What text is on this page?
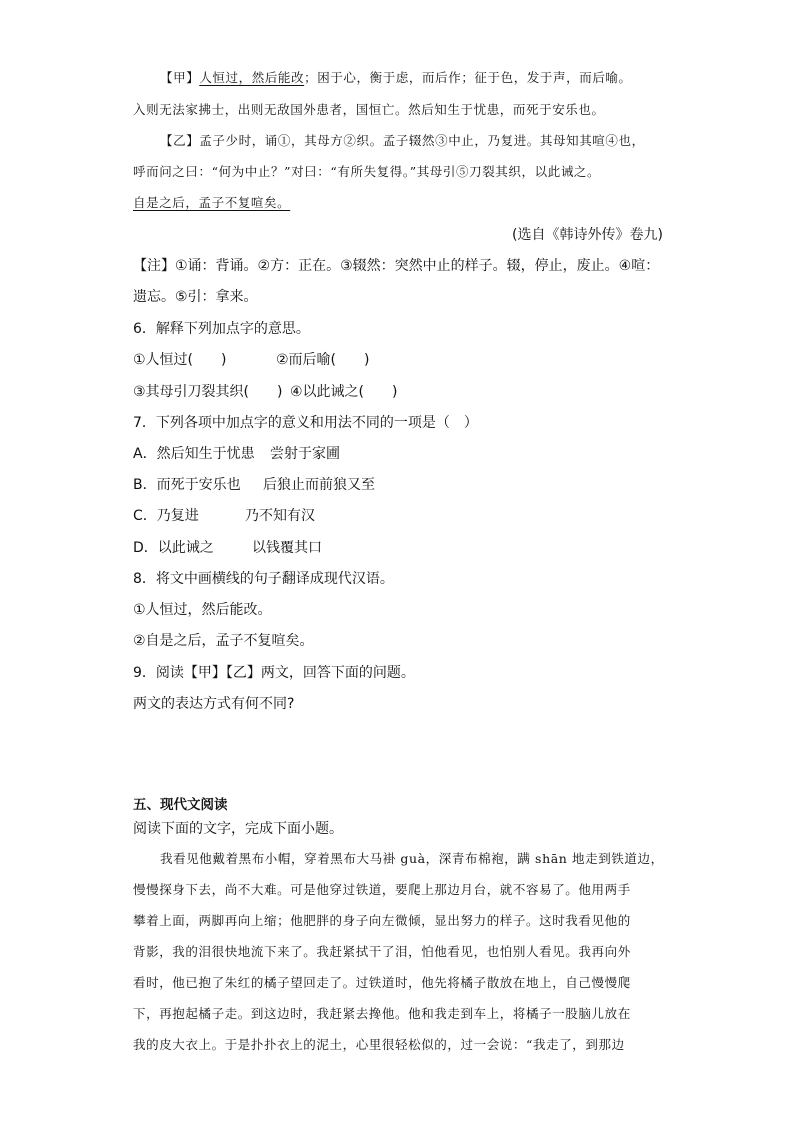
【甲】人恒过，然后能改；困于心，衡于虑，而后作；征于色，发于声，而后喻。
入则无法家拂士，出则无敌国外患者，国恒亡。然后知生于忧患，而死于安乐也。
【乙】孟子少时，诵①，其母方②织。孟子辍然③中止，乃复进。其母知其喧④也，
呼而问之曰：“何为中止？”对曰：“有所失复得。”其母引⑤刀裂其织，以此诫之。
自是之后，孟子不复喧矣。
(选自《韩诗外传》卷九)
【注】①诵：背诵。②方：正在。③辍然：突然中止的样子。辍，停止，废止。④喧：
遗忘。⑤引：拿来。
6．解释下列加点字的意思。
①人恒过(　　)	②而后喻(　　)
③其母引刀裂其织(　　) ④以此诫之(　　)
7．下列各项中加点字的意义和用法不同的一项是（　）
A．然后知生于忧患 尝射于家圃
B．而死于安乐也 后狼止而前狼又至
C．乃复进	乃不知有汉
D．以此诫之	以钱覆其口
8．将文中画横线的句子翻译成现代汉语。
①人恒过，然后能改。
②自是之后，孟子不复喧矣。
9．阅读【甲】【乙】两文，回答下面的问题。
两文的表达方式有何不同?
五、现代文阅读
阅读下面的文字，完成下面小题。
我看见他戴着黑布小帽，穿着黑布大马褂 guà，深青布棉袍，蹒 shān 地走到铁道边，
慢慢探身下去，尚不大难。可是他穿过铁道，要爬上那边月台，就不容易了。他用两手
攀着上面，两脚再向上缩；他肥胖的身子向左微倾，显出努力的样子。这时我看见他的
背影，我的泪很快地流下来了。我赶紧拭干了泪，怕他看见，也怕别人看见。我再向外
看时，他已抱了朱红的橘子望回走了。过铁道时，他先将橘子散放在地上，自己慢慢爬
下，再抱起橘子走。到这边时，我赶紧去搀他。他和我走到车上，将橘子一股脑儿放在
我的皮大衣上。于是扑扑衣上的泥土，心里很轻松似的，过一会说：“我走了，到那边
